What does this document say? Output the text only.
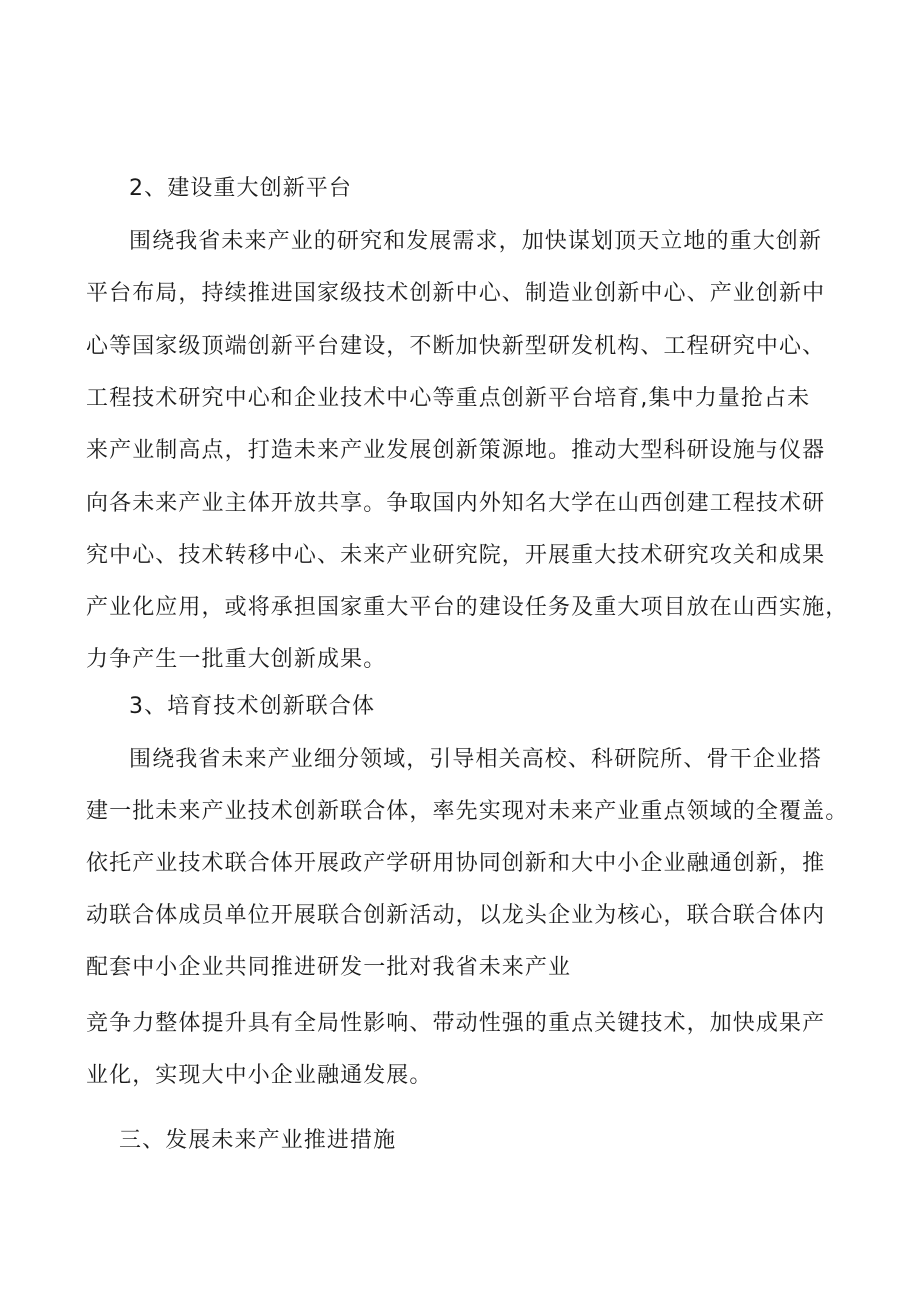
2、建设重大创新平台
围绕我省未来产业的研究和发展需求，加快谋划顶天立地的重大创新
平台布局，持续推进国家级技术创新中心、制造业创新中心、产业创新中
心等国家级顶端创新平台建设，不断加快新型研发机构、工程研究中心、
工程技术研究中心和企业技术中心等重点创新平台培育,集中力量抢占未
来产业制高点，打造未来产业发展创新策源地。推动大型科研设施与仪器
向各未来产业主体开放共享。争取国内外知名大学在山西创建工程技术研
究中心、技术转移中心、未来产业研究院，开展重大技术研究攻关和成果
产业化应用，或将承担国家重大平台的建设任务及重大项目放在山西实施，
力争产生一批重大创新成果。
3、培育技术创新联合体
围绕我省未来产业细分领域，引导相关高校、科研院所、骨干企业搭
建一批未来产业技术创新联合体，率先实现对未来产业重点领域的全覆盖。
依托产业技术联合体开展政产学研用协同创新和大中小企业融通创新，推
动联合体成员单位开展联合创新活动，以龙头企业为核心，联合联合体内
配套中小企业共同推进研发一批对我省未来产业
竞争力整体提升具有全局性影响、带动性强的重点关键技术，加快成果产
业化，实现大中小企业融通发展。
三、发展未来产业推进措施
